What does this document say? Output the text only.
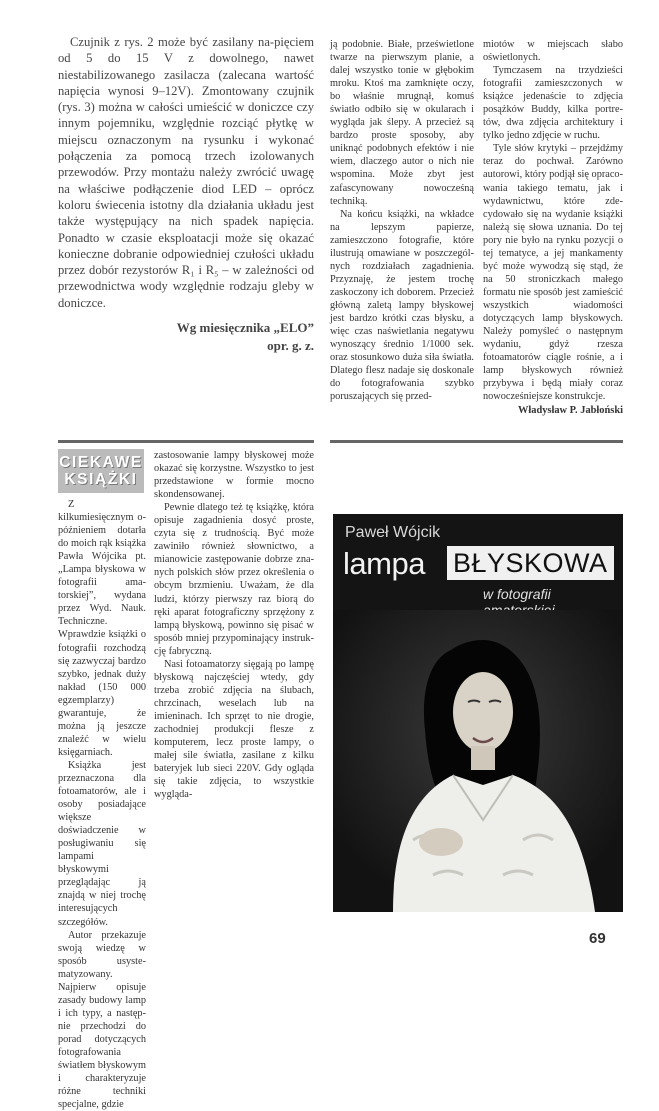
Czujnik z rys. 2 może być zasilany na-pięciem od 5 do 15 V z dowolnego, nawet niestabilizowanego zasilacza (zalecana wartość napięcia wynosi 9–12V). Zmontowany czujnik (rys. 3) można w całości umieścić w doniczce czy innym pojemniku, względnie rozciąć płytkę w miejscu oznaczonym na rysunku i wykonać połączenia za pomocą trzech izolowanych przewodów. Przy montażu należy zwrócić uwagę na właściwe podłączenie diod LED – oprócz koloru świecenia istotny dla działania układu jest także występujący na nich spadek napięcia. Ponadto w czasie eksploatacji może się okazać konieczne dobranie odpowiedniej czułości układu przez dobór rezystorów R₁ i R₅ – w zależności od przewodnictwa wody względnie rodzaju gleby w doniczce.

Wg miesięcznika „ELO”
opr. g. z.

ją podobnie. Białe, prześwietlone twarze na pierwszym planie, a dalej wszystko tonie w głębokim mroku. Ktoś ma zamknięte oczy, bo właśnie mrugnął, komuś światło odbiło się w okularach i wygląda jak ślepy. A przecież są bardzo proste sposoby, aby uniknąć podobnych efektów i nie wiem, dlaczego autor o nich nie wspomina. Może zbyt jest zafascynowany nowocześną techniką.

Na końcu książki, na wkładce na lepszym papierze, zamieszczono fotografie, które ilustrują omawiane w poszczególnych rozdziałach zagadnienia. Przyznaję, że jestem trochę zaskoczony ich doborem. Przecież główną zaletą lampy błyskowej jest bardzo krótki czas błysku, a więc czas naświetlania negatywu wynoszący średnio 1/1000 sek. oraz stosunkowo duża siła światła. Dlatego flesz nadaje się doskonale do fotografowania szybko poruszających się przed-

miotów w miejscach słabo oświetlonych.

Tymczasem na trzydzieści fotografii zamieszczonych w książce jedenaście to zdjęcia posążków Buddy, kilka portretów, dwa zdjęcia architektury i tylko jedno zdjęcie w ruchu.

Tyle słów krytyki – przejdźmy teraz do pochwał. Zarówno autorowi, który podjął się opracowania takiego tematu, jak i wydawnictwu, które zdecydowało się na wydanie książki należą się słowa uznania. Do tej pory nie było na rynku pozycji o tej tematyce, a jej mankamenty być może wywodzą się stąd, że na 50 stroniczkach małego formatu nie sposób jest zamieścić wszystkich wiadomości dotyczących lamp błyskowych. Należy pomyśleć o następnym wydaniu, gdyż rzesza fotoamatorów ciągle rośnie, a i lamp błyskowych również przybywa i będą miały coraz nowocześniejsze konstrukcje.

Władysław P. Jabłoński
CIEKAWE
KSIĄŻKI

Z kilkumiesięcznym opóźnieniem dotarła do moich rąk książka Pawła Wójcika pt. „Lampa błyskowa w fotografii amatorskiej”, wydana przez Wyd. Nauk. Techniczne. Wprawdzie książki o fotografii rozchodzą się zazwyczaj bardzo szybko, jednak duży nakład (150 000 egzemplarzy) gwarantuje, że można ją jeszcze znaleźć w wielu księgarniach.

Książka jest przeznaczona dla fotoamatorów, ale i osoby posiadające większe doświadczenie w posługiwaniu się lampami błyskowymi przeglądając ją znajdą w niej trochę interesujących szczegółów.

Autor przekazuje swoją wiedzę w sposób usystematyzowany. Najpierw opisuje zasady budowy lamp i ich typy, a następnie przechodzi do porad dotyczących fotografowania światłem błyskowym i charakteryzuje różne techniki specjalne, gdzie

zastosowanie lampy błyskowej może okazać się korzystne. Wszystko to jest przedstawione w formie mocno skondensowanej.

Pewnie dlatego też tę książkę, która opisuje zagadnienia dosyć proste, czyta się z trudnością. Być może zawiniło również słownictwo, a mianowicie zastępowanie dobrze znanych polskich słów przez określenia o obcym brzmieniu. Uważam, że dla ludzi, którzy pierwszy raz biorą do ręki aparat fotograficzny sprzężony z lampą błyskową, powinno się pisać w sposób mniej przypominający instrukcję fabryczną.

Nasi fotoamatorzy sięgają po lampę błyskową najczęściej wtedy, gdy trzeba zrobić zdjęcia na ślubach, chrzcinach, weselach lub na imieninach. Ich sprzęt to nie drogie, zachodniej produkcji flesze z komputerem, lecz proste lampy, o małej sile światła, zasilane z kilku bateryjek lub sieci 220V. Gdy ogląda się takie zdjęcia, to wszystkie wygląda-

Paweł Wójcik
lampa BŁYSKOWA
w fotografii
69
